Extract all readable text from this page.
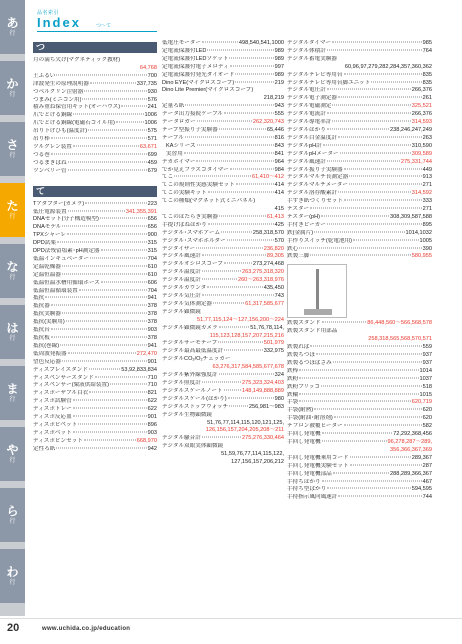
あ
行
か
行
さ
行
た
行
な
行
は
行
ま
行
や
行
ら
行
わ
行
品名索引
Index	つ～て
つ
月の満ち欠け(マグネティック教材)
64,768
土ふるい	700
津波発生の原理説明器	337,735
つべルクリン注射器	930
つまみ(ミニコン用)	576
積み重ね保管用キット(オーハウス)	241
爪でとける銅線	1006
爪でとける銅線(電磁石コイル用)	1006
吊り下げひも(温度計)	575
吊り棒	571
ツルグレン装置	63,671
つる巻	699
つるまきばね	459
ツンベリー管	679
て
Tアダプター(カメラ)	223
低圧電源装置	341,355,391
DNAセット(分子構造模型)	656
DNAモデル	656
TPXシャーレ	900
DPD試薬	315
DPD法残留塩素･pH測定器	315
低温インキュベーター	704
定温乾燥器	610
定温恒温器	610
低温恒温水槽用循環ホース	606
低温恒温循環装置	704
抵抗	941
抵抗器	378
抵抗実験器	378
抵抗(実験用)	378
抵抗台	903
抵抗板	378
抵抗(巻線)	941
低周波発振器	272,470
望色反応器	901
ディスプレイスタンド	53,92,833,834
ディスペンサースタンド	710
ディスペンサー(粟液供給装置)	710
ディスポーザブル白衣	821
ディスポ試験管	622
ディスポトレー	622
ディスポ反応皿	901
ディスポピペット	896
ディスポベット	903
ディスポピンセット	668,970
定性ろ紙	942
低電圧モーター	498,540,541,1000
定電流保護付LED	989
定電流保護付LEDソケット	989
定電流保護付電子メロディ	997
定電流保護付発光ダイオード	989
Dino EYE(マイクロスコープ)	219
Dino Lite Premier(マイクロスコープ)
218,219
定量ろ紙	943
データ出力接続ケーブル	555
データロガー	262,320,743
テープ型振り子実験器	65,446
テーブル	816
KAシリーズ	843
実習用	841
デカボイマー	964
でか見えフラスコタイマー	984
てこ	61,410～412
てこの規則性実感実験セット	414
てこの実験キット	414
てこの種類(マグネット式ミニパネル)
415
てこのはたらき実験器	61,413
手提げばねはかり	425
デジタル･スマホアーム	258,318,570
デジタル･スマホホルダー	570
デジタイザー	236,820
デジタル風速計	89,305
デジタルオシロスコープ	273,274,468
デジタル温度計	263,275,318,320
デジタル温度計	260～263,318,976
デジタルカウンタ	435,450
デジタル気圧計	743
デジタル気体測定器	61,317,585,677
デジタル顕微鏡
51,77,115,124～127,156,200～224
デジタル顕微鏡カメラ	51,76,78,114,
115,123,128,157,207,215,216
デジタルサーモテープ	501,979
デジタル最高最低温度計	332,975
デジタルCO₂/O₂チェッカー
63,276,317,584,585,677,678
デジタル紫外線強度計	324
デジタル照度計	275,323,324,403
デジタルスケールノート	148,149,888,889
デジタルスケール(はかり)	980
デジタルストップウォッチ	256,981～983
デジタル生物顕微鏡
51,76,77,114,115,120,121,125,
126,156,157,204,205,208～211
デジタル騒音計	275,276,330,464
デジタル双眼実体顕微鏡
51,59,76,77,114,115,122,
127,156,157,206,212
デジタルタイマー	985
デジタル体積計	764
デジタル蓄電実験器
60,96,97,279,282,284,357,360,362
デジタルテレビ専用台	835
デジタルテレビ専用台脚ユニット	835
デジタル電圧計	266,376
デジタル電子測定器	261
デジタル電磁測定	325,521
デジタル電流計	266,376
デジタル導電率計	314,593
デジタルはかり	238,246,247,249
デジタル白金温度計	263
デジタルpH計	310,590
デジタルpHメーター	309,589
デジタル風速計	275,331,744
デジタル振り子実験器	449
デジタルマルチ長測定器	913
デジタルマルチメーター	271
デジタル溶存酸素計	314,592
手すき紙づくりセット	333
テスター	271
テスター(pH)	308,309,587,588
手付きビーカー	895
鉄(金属片)	1014,1032
手作りスイッチ(乾電池用)	1005
鉄心	390
鉄製三脚	580,955
鉄製スタンド	86,448,560～566,568,578
鉄製スタンド用部品
258,318,565,568,570,571
鉄製れば	559
鉄製ちつぼ	937
鉄製るつぼばさみ	937
鉄棒	1014
鉄粉	1037
鉄粉ブリッコ	518
鉄輪	1015
手袋	620,719
手袋(耐熱)	620
手袋(耐油･耐溶剤)	620
テフロン被覆ヒーター	582
手回し発電機	72,292,368,456
手回し発電機	96,278,287～289,
356,366,367,369
手回し発電機乗用コード	289,367
手回し発電機実験セット	287
手回し発電機部品	288,289,366,367
手持ちはかり	467
手持ち型ばかり	594,595
手持指示風向風速計	744
20	www.uchida.co.jp/education
